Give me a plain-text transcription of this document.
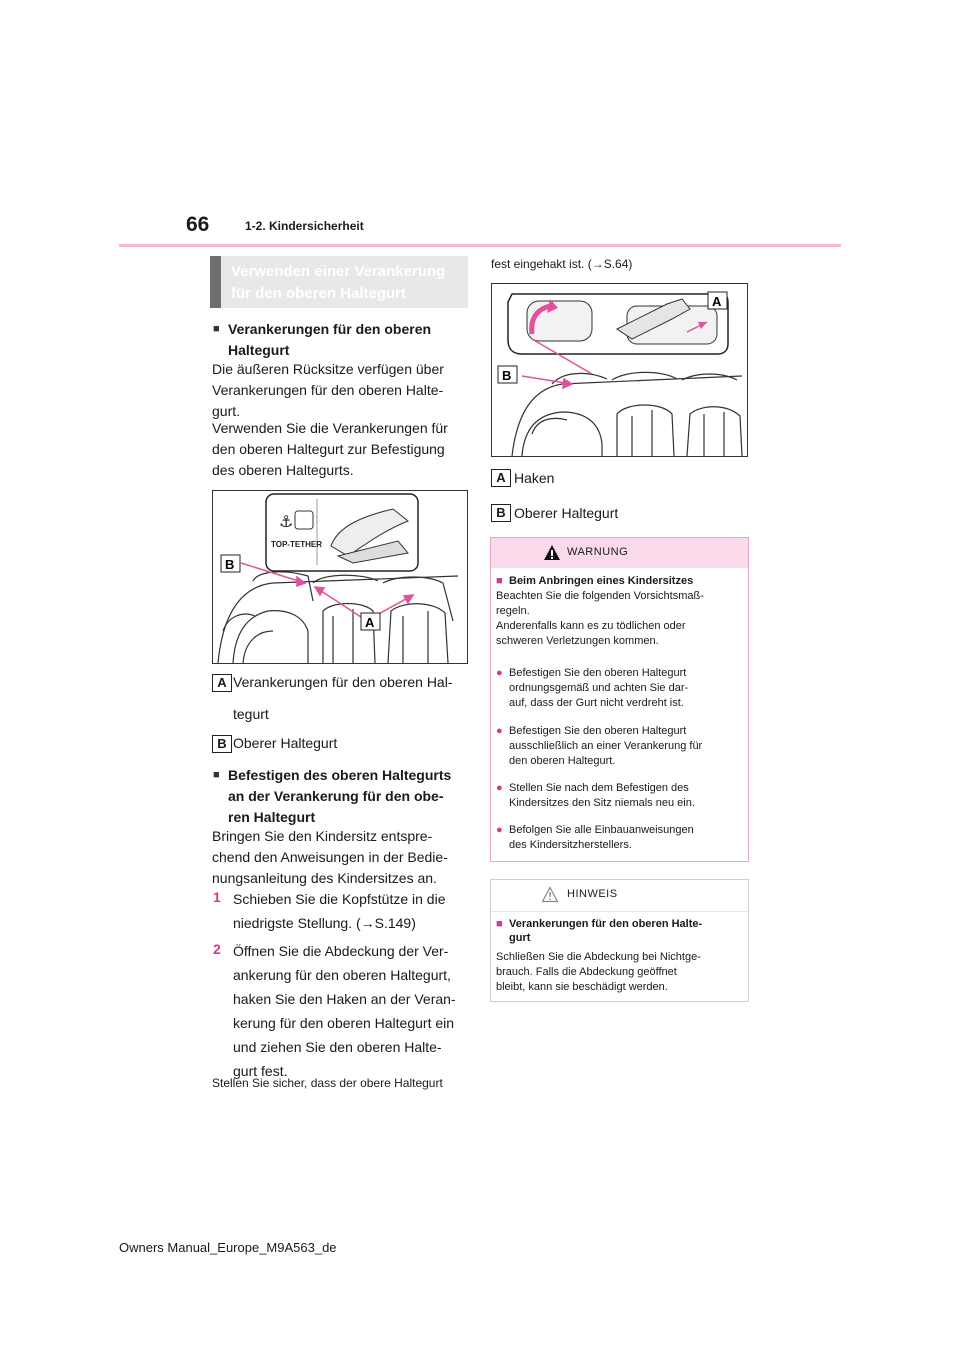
66	1-2. Kindersicherheit
Verwenden einer Verankerung
für den oberen Haltegurt
■ Verankerungen für den oberen
Haltegurt
Die äußeren Rücksitze verfügen über
Verankerungen für den oberen Halte-
gurt.
Verwenden Sie die Verankerungen für
den oberen Haltegurt zur Befestigung
des oberen Haltegurts.
⚓
TOP-TETHER
B
A
A Verankerungen für den oberen Hal-
tegurt
B Oberer Haltegurt
■ Befestigen des oberen Haltegurts
an der Verankerung für den obe-
ren Haltegurt
Bringen Sie den Kindersitz entspre-
chend den Anweisungen in der Bedie-
nungsanleitung des Kindersitzes an.
1 Schieben Sie die Kopfstütze in die
niedrigste Stellung. (→S.149)
2 Öffnen Sie die Abdeckung der Ver-
ankerung für den oberen Haltegurt,
haken Sie den Haken an der Veran-
kerung für den oberen Haltegurt ein
und ziehen Sie den oberen Halte-
gurt fest.
Stellen Sie sicher, dass der obere Haltegurt
fest eingehakt ist. (→S.64)
A
B
A Haken
B Oberer Haltegurt
WARNUNG
■ Beim Anbringen eines Kindersitzes
Beachten Sie die folgenden Vorsichtsmaß-
regeln.
Anderenfalls kann es zu tödlichen oder
schweren Verletzungen kommen.
● Befestigen Sie den oberen Haltegurt
ordnungsgemäß und achten Sie dar-
auf, dass der Gurt nicht verdreht ist.
● Befestigen Sie den oberen Haltegurt
ausschließlich an einer Verankerung für
den oberen Haltegurt.
● Stellen Sie nach dem Befestigen des
Kindersitzes den Sitz niemals neu ein.
● Befolgen Sie alle Einbauanweisungen
des Kindersitzherstellers.
HINWEIS
■ Verankerungen für den oberen Halte-
gurt
Schließen Sie die Abdeckung bei Nichtge-
brauch. Falls die Abdeckung geöffnet
bleibt, kann sie beschädigt werden.
Owners Manual_Europe_M9A563_de
